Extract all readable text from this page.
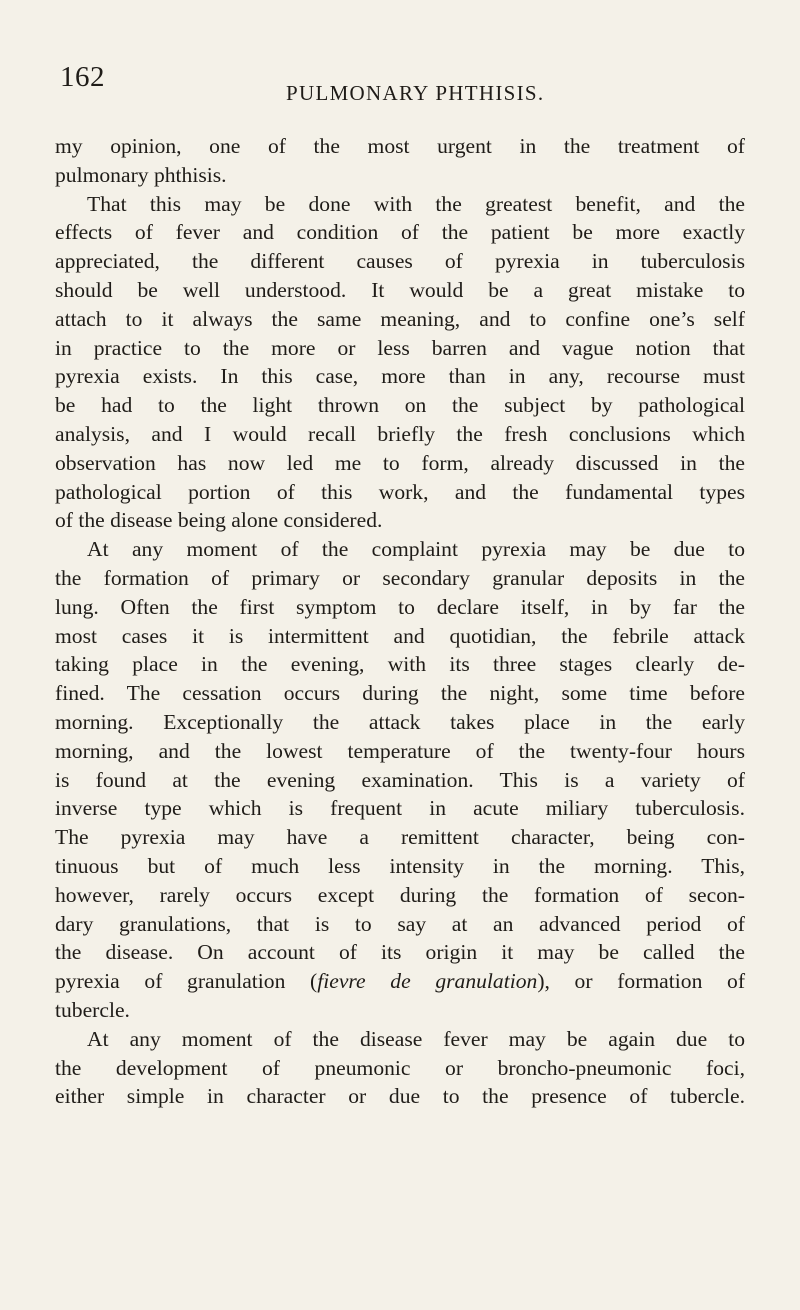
162	PULMONARY PHTHISIS.
my opinion, one of the most urgent in the treatment of
pulmonary phthisis.
That this may be done with the greatest benefit, and the
effects of fever and condition of the patient be more exactly
appreciated, the different causes of pyrexia in tuberculosis
should be well understood. It would be a great mistake to
attach to it always the same meaning, and to confine one’s self
in practice to the more or less barren and vague notion that
pyrexia exists. In this case, more than in any, recourse must
be had to the light thrown on the subject by pathological
analysis, and I would recall briefly the fresh conclusions which
observation has now led me to form, already discussed in the
pathological portion of this work, and the fundamental types
of the disease being alone considered.
At any moment of the complaint pyrexia may be due to
the formation of primary or secondary granular deposits in the
lung. Often the first symptom to declare itself, in by far the
most cases it is intermittent and quotidian, the febrile attack
taking place in the evening, with its three stages clearly de-
fined. The cessation occurs during the night, some time before
morning. Exceptionally the attack takes place in the early
morning, and the lowest temperature of the twenty-four hours
is found at the evening examination. This is a variety of
inverse type which is frequent in acute miliary tuberculosis.
The pyrexia may have a remittent character, being con-
tinuous but of much less intensity in the morning. This,
however, rarely occurs except during the formation of secon-
dary granulations, that is to say at an advanced period of
the disease. On account of its origin it may be called the
pyrexia of granulation (fievre de granulation), or formation of
tubercle.
At any moment of the disease fever may be again due to
the development of pneumonic or broncho-pneumonic foci,
either simple in character or due to the presence of tubercle.
